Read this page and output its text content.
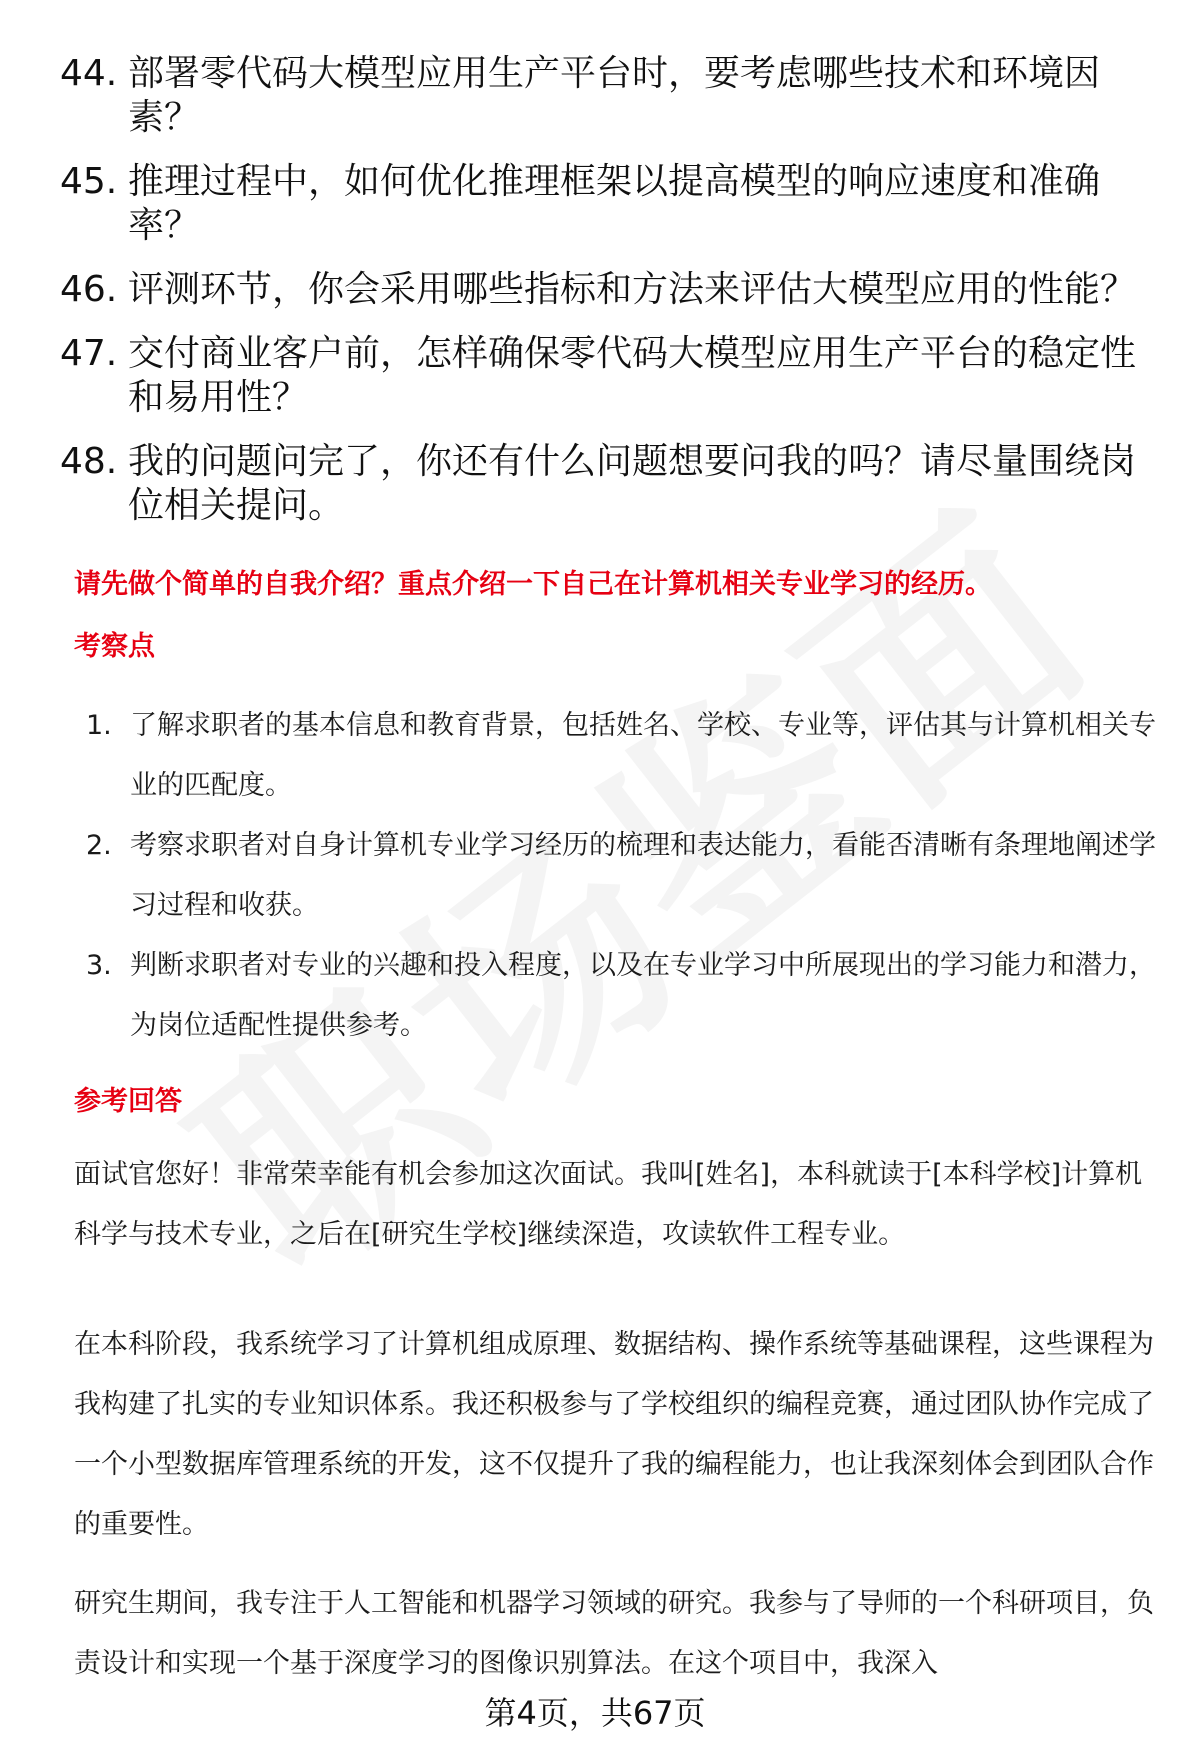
44. 部署零代码大模型应用生产平台时，要考虑哪些技术和环境因素？
45. 推理过程中，如何优化推理框架以提高模型的响应速度和准确率？
46. 评测环节，你会采用哪些指标和方法来评估大模型应用的性能？
47. 交付商业客户前，怎样确保零代码大模型应用生产平台的稳定性和易用性？
48. 我的问题问完了，你还有什么问题想要问我的吗？请尽量围绕岗位相关提问。
请先做个简单的自我介绍？重点介绍一下自己在计算机相关专业学习的经历。
考察点
1. 了解求职者的基本信息和教育背景，包括姓名、学校、专业等，评估其与计算机相关专业的匹配度。
2. 考察求职者对自身计算机专业学习经历的梳理和表达能力，看能否清晰有条理地阐述学习过程和收获。
3. 判断求职者对专业的兴趣和投入程度，以及在专业学习中所展现出的学习能力和潜力，为岗位适配性提供参考。
参考回答

面试官您好！非常荣幸能有机会参加这次面试。我叫[姓名]，本科就读于[本科学校]计算机科学与技术专业，之后在[研究生学校]继续深造，攻读软件工程专业。

在本科阶段，我系统学习了计算机组成原理、数据结构、操作系统等基础课程，这些课程为我构建了扎实的专业知识体系。我还积极参与了学校组织的编程竞赛，通过团队协作完成了一个小型数据库管理系统的开发，这不仅提升了我的编程能力，也让我深刻体会到团队合作的重要性。

研究生期间，我专注于人工智能和机器学习领域的研究。我参与了导师的一个科研项目，负责设计和实现一个基于深度学习的图像识别算法。在这个项目中，我深入

第4页，共67页
